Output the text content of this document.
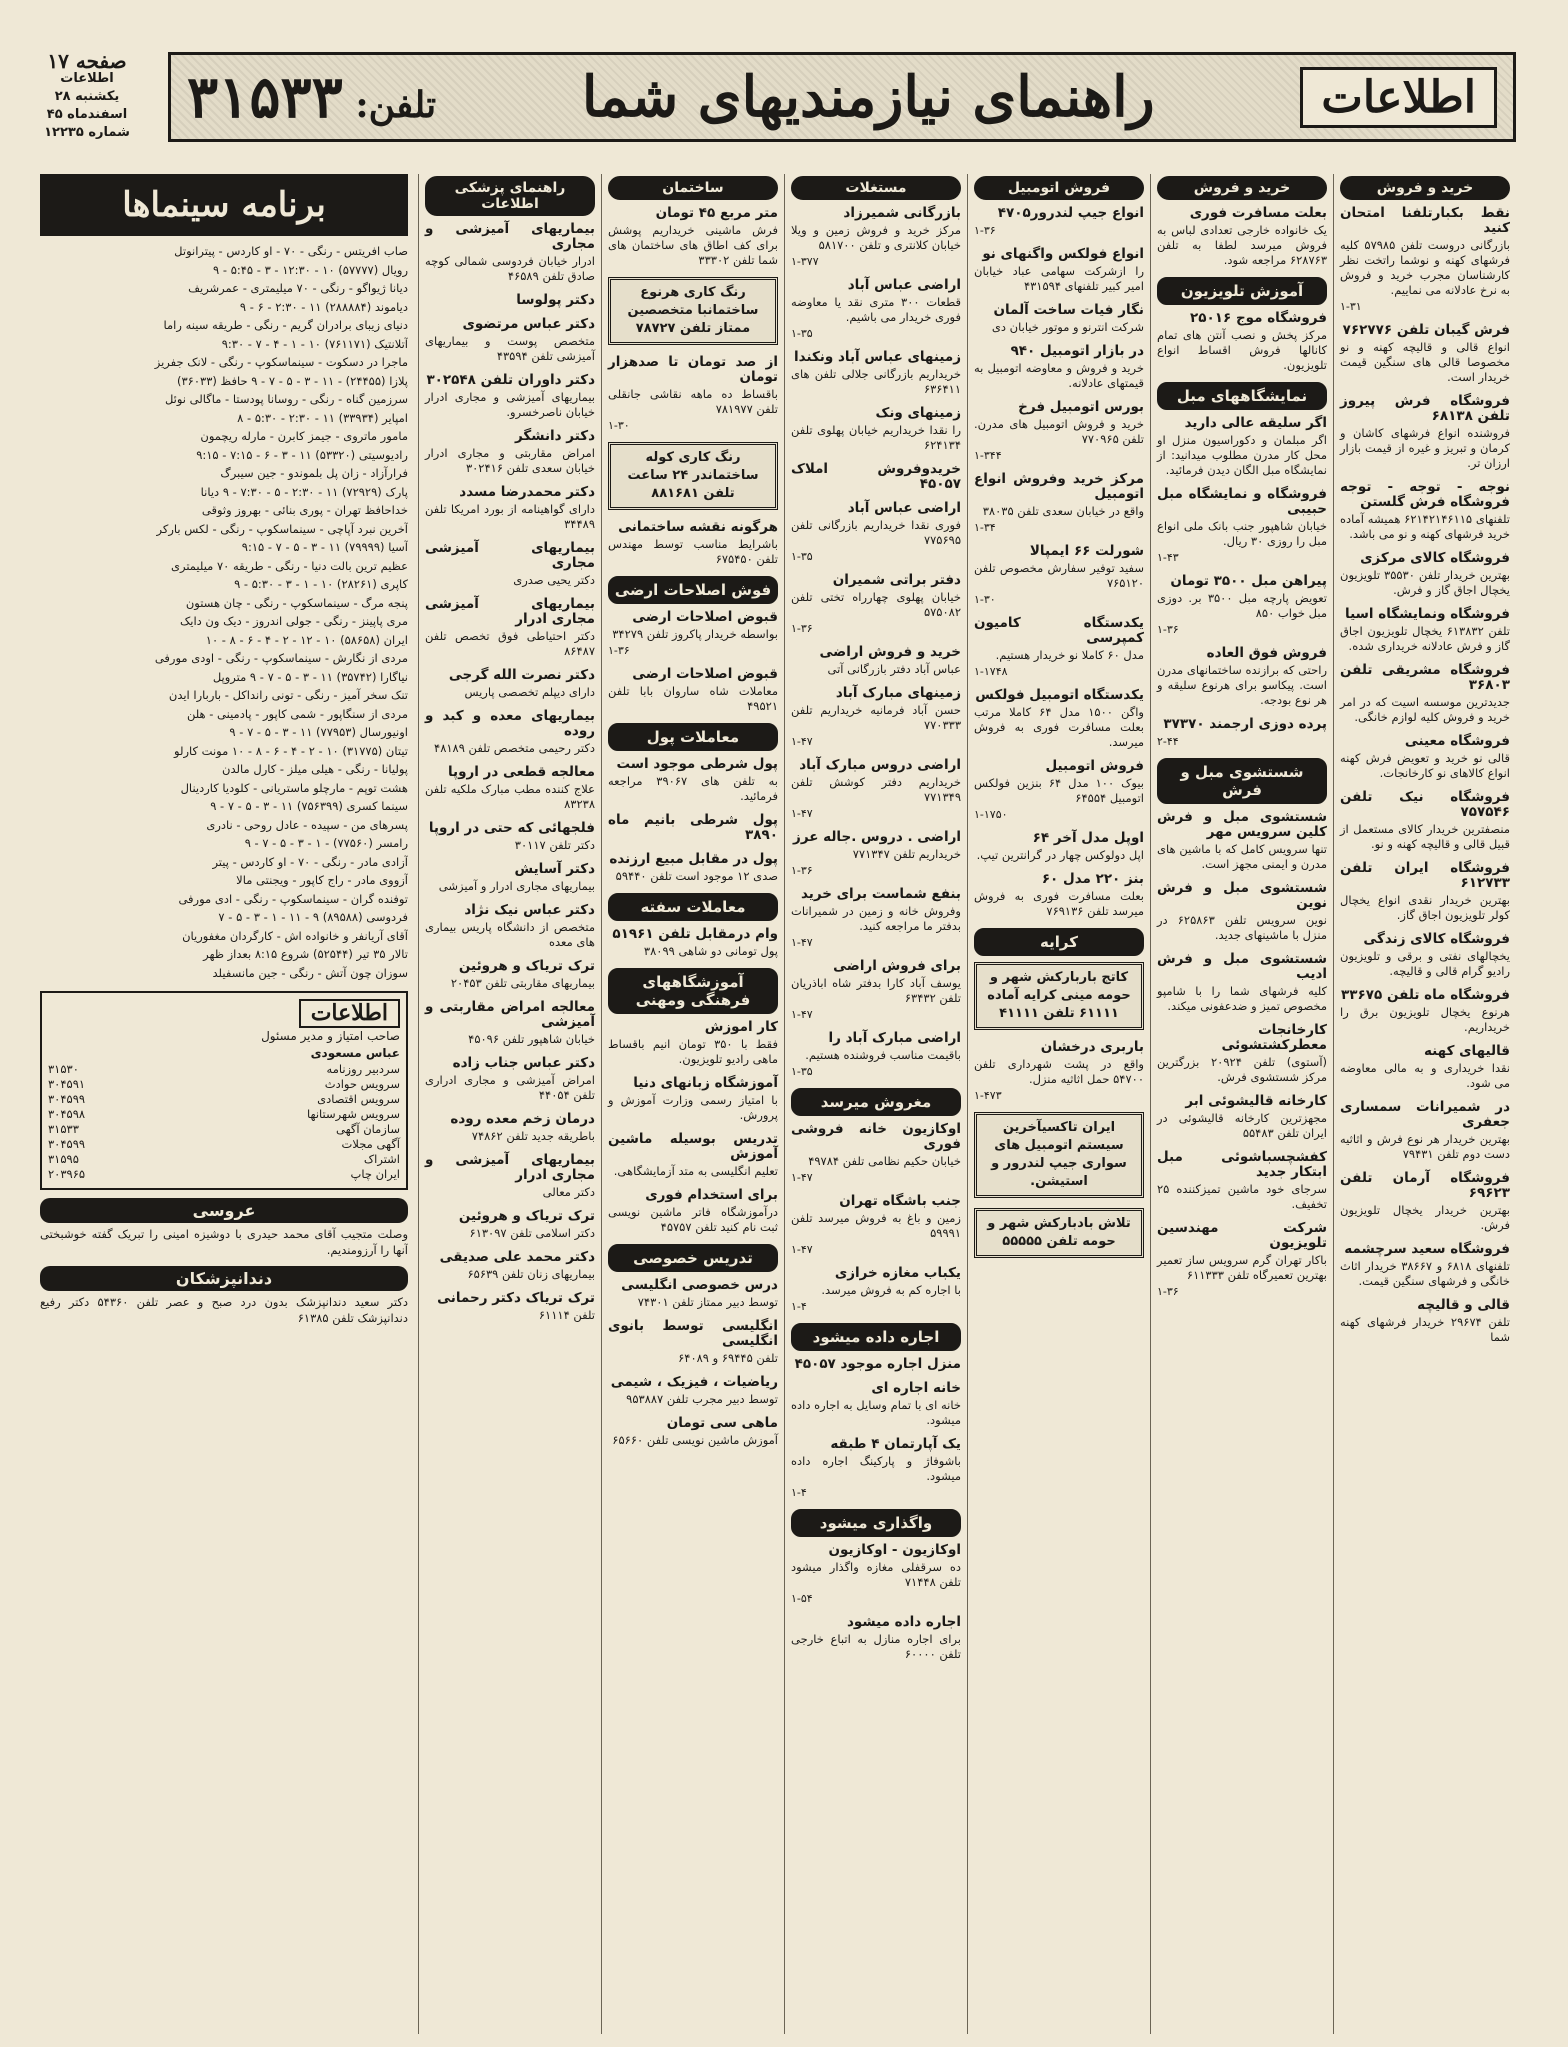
صفحه ۱۷
اطلاعات
یکشنبه ۲۸
اسفندماه ۴۵
شماره ۱۲۲۳۵
اطلاعات
راهنمای نیازمندیهای شما
تلفن: ۳۱۵۳۳
خرید و فروش
نقط بکبارتلفنا امتحان کنید
بازرگانی دروست تلفن ۵۷۹۸۵ کلیه فرشهای کهنه و نوشما راتخت نظر کارشناسان مجرب خرید و فروش به نرخ عادلانه می نماییم.
۱-۳۱
فرش گیبان تلفن ۷۶۲۷۷۶
انواع قالی و قالیچه کهنه و نو مخصوصا قالی های سنگین قیمت خریدار است.
فروشگاه فرش پیروز تلفن ۶۸۱۳۸
فروشنده انواع فرشهای کاشان و کرمان و تبریز و غیره از قیمت بازار ارزان تر.
نوجه - توجه - توجه فروشگاه فرش گلستن
تلفنهای ۶۲۱۴۲۱۴۶۱۱۵ همیشه آماده خرید فرشهای کهنه و نو می باشد.
فروشگاه کالای مرکزی
بهترین خریدار تلفن ۳۵۵۳۰ تلویزیون یخچال اجاق گاز و فرش.
فروشگاه ونمایشگاه اسیا
تلفن ۶۱۳۸۳۲ یخچال تلویزیون اجاق گاز و فرش عادلانه خریداری شده.
فروشگاه مشریقی تلفن ۳۶۸۰۳
جدیدترین موسسه اسیت که در امر خرید و فروش کلیه لوازم خانگی.
فروشگاه معینی
قالی نو خرید و تعویض فرش کهنه انواع کالاهای نو کارخانجات.
فروشگاه نیک تلفن ۷۵۷۵۴۶
منصفترین خریدار کالای مستعمل از قبیل قالی و قالیچه کهنه و نو.
فروشگاه ایران تلفن ۶۱۲۷۳۳
بهترین خریدار نقدی انواع یخچال کولر تلویزیون اجاق گاز.
فروشگاه کالای زندگی
یخچالهای نفتی و برقی و تلویزیون رادیو گرام قالی و قالیچه.
فروشگاه ماه تلفن ۳۳۶۷۵
هرنوع یخچال تلویزیون برق را خریداریم.
قالیهای کهنه
نقدا خریداری و به مالی معاوضه می شود.
در شمیرانات سمساری جعفری
بهترین خریدار هر نوع فرش و اثاثیه دست دوم تلفن ۷۹۴۳۱
فروشگاه آرمان تلفن ۶۹۶۲۳
بهترین خریدار یخچال تلویزیون فرش.
فروشگاه سعید سرچشمه
تلفنهای ۶۸۱۸ و ۳۸۶۶۷ خریدار اثاث خانگی و فرشهای سنگین قیمت.
قالی و قالیچه
تلفن ۲۹۶۷۴ خریدار فرشهای کهنه شما
خرید و فروش
بعلت مسافرت فوری
یک خانواده خارجی تعدادی لباس به فروش میرسد لطفا به تلفن ۶۲۸۷۶۳ مراجعه شود.
آموزش تلویزیون
فروشگاه موج ۲۵۰۱۶
مرکز پخش و نصب آنتن های تمام کانالها فروش اقساط انواع تلویزیون.
نمایشگاههای مبل
اگر سلیقه عالی دارید
اگر مبلمان و دکوراسیون منزل او محل کار مدرن مطلوب میدانید: از نمایشگاه مبل الگان دیدن فرمائید.
فروشگاه و نمایشگاه مبل حبیبی
خیابان شاهپور جنب بانک ملی انواع مبل را روزی ۳۰ ریال.
۱-۴۳
پیراهن مبل ۳۵۰۰ تومان
تعویض پارچه مبل ۳۵۰۰ بر. دوزی مبل خواب ۸۵۰
۱-۳۶
فروش فوق العاده
راحتی که برازنده ساختمانهای مدرن است. پیکاسو برای هرنوع سلیقه و هر نوع بودجه.
پرده دوزی ارجمند ۳۷۳۷۰
۲-۴۴
شستشوی مبل و فرش
شستشوی مبل و فرش کلین سرویس مهر
تنها سرویس کامل که با ماشین های مدرن و ایمنی مجهز است.
شستشوی مبل و فرش نوین
نوین سرویس تلفن ۶۲۵۸۶۳ در منزل با ماشینهای جدید.
شستشوی مبل و فرش ادیب
کلیه فرشهای شما را با شامپو مخصوص تمیز و ضدعفونی میکند.
کارخانجات معطرکشتشوئی
(آستوی) تلفن ۲۰۹۲۴ بزرگترین مرکز شستشوی فرش.
کارخانه قالیشوئی ابر
مجهزترین کارخانه قالیشوئی در ایران تلفن ۵۵۴۸۳
کفشچسباشوئی مبل ابتکار جدید
سرجای خود ماشین تمیزکننده ۲۵ تخفیف.
شرکت مهندسین تلویزیون
باکار تهران گرم سرویس ساز تعمیر بهترین تعمیرگاه تلفن ۶۱۱۳۳۳
۱-۳۶
فروش اتومبیل
انواع جیپ لندرور۴۷۰۵
۱-۳۶
انواع فولکس واگنهای نو
را ازشرکت سهامی عباد خیابان امیر کبیر تلفنهای ۴۳۱۵۹۴
نگار فیات ساخت آلمان
شرکت انترنو و موتور خیابان دی
در بازار اتومبیل ۹۴۰
خرید و فروش و معاوضه اتومبیل به قیمتهای عادلانه.
بورس اتومبیل فرخ
خرید و فروش اتومبیل های مدرن. تلفن ۷۷۰۹۶۵
۱-۳۴۴
مرکز خرید وفروش انواع اتومبیل
واقع در خیابان سعدی تلفن ۳۸۰۳۵
۱-۳۴
شورلت ۶۶ ایمپالا
سفید توفیر سفارش مخصوص تلفن ۷۶۵۱۲۰
۱-۳۰
یکدستگاه کامیون کمپرسی
مدل ۶۰ کاملا نو خریدار هستیم.
۱-۱۷۴۸
یکدستگاه اتومبیل فولکس
واگن ۱۵۰۰ مدل ۶۴ کاملا مرتب بعلت مسافرت فوری به فروش میرسد.
فروش اتومبیل
بیوک ۱۰۰ مدل ۶۴ بنزین فولکس اتومبیل ۶۴۵۵۴
۱-۱۷۵۰
اوپل مدل آخر ۶۴
اپل دولوکس چهار در گرانترین تیپ.
بنز ۲۲۰ مدل ۶۰
بعلت مسافرت فوری به فروش میرسد تلفن ۷۶۹۱۳۶
کرایه
کاتج باربارکش شهر و حومه مینی کرایه آماده ۶۱۱۱۱ تلفن ۴۱۱۱۱
باربری درخشان
واقع در پشت شهرداری تلفن ۵۴۷۰۰ حمل اثاثیه منزل.
۱-۴۷۳
ایران تاکسیآخرین سیستم اتومبیل های سواری جیپ لندرور و استیشن.
تلاش بادبارکش شهر و حومه تلفن ۵۵۵۵۵
مستغلات
بازرگانی شمیرزاد
مرکز خرید و فروش زمین و ویلا خیابان کلانتری و تلفن ۵۸۱۷۰۰
۱-۳۷۷
اراضی عباس آباد
قطعات ۳۰۰ متری نقد یا معاوضه فوری خریدار می باشیم.
۱-۳۵
زمینهای عباس آباد ونکندا
خریداریم بازرگانی جلالی تلفن های ۶۳۶۴۱۱
زمینهای ونک
را نقدا خریداریم خیابان پهلوی تلفن ۶۲۴۱۳۴
خریدوفروش املاک ۴۵۰۵۷
اراضی عباس آباد
فوری نقدا خریداریم بازرگانی تلفن ۷۷۵۶۹۵
۱-۳۵
دفتر براتی شمیران
خیابان پهلوی چهارراه تختی تلفن ۵۷۵۰۸۲
۱-۳۶
خرید و فروش اراضی
عباس آباد دفتر بازرگانی آتی
زمینهای مبارک آباد
حسن آباد فرمانیه خریداریم تلفن ۷۷۰۳۳۳
۱-۴۷
اراضی دروس مبارک آباد
خریداریم دفتر کوشش تلفن ۷۷۱۳۴۹
۱-۴۷
اراضی . دروس .جاله عرز
خریداریم تلفن ۷۷۱۳۴۷
۱-۳۶
بنفع شماست برای خرید
وفروش خانه و زمین در شمیرانات بدفتر ما مراجعه کنید.
۱-۴۷
برای فروش اراضی
یوسف آباد کارا بدفتر شاه اباذریان تلفن ۶۳۴۳۲
۱-۴۷
اراضی مبارک آباد را
باقیمت مناسب فروشنده هستیم.
۱-۳۵
مغروش میرسد
اوکازیون خانه فروشی فوری
خیابان حکیم نظامی تلفن ۴۹۷۸۴
۱-۴۷
جنب باشگاه تهران
زمین و باغ به فروش میرسد تلفن ۵۹۹۹۱
۱-۴۷
یکباب مغازه خرازی
با اجاره کم به فروش میرسد.
۱-۴
اجاره داده میشود
منزل اجاره موجود ۴۵۰۵۷
خانه اجاره ای
خانه ای با تمام وسایل به اجاره داده میشود.
یک آپارتمان ۴ طبقه
باشوفاژ و پارکینگ اجاره داده میشود.
۱-۴
واگذاری میشود
اوکازیون - اوکازیون
ده سرقفلی مغازه واگذار میشود تلفن ۷۱۴۴۸
۱-۵۴
اجاره داده میشود
برای اجاره منازل به اتباع خارجی تلفن ۶۰۰۰۰
ساختمان
متر مربع ۴۵ تومان
فرش ماشینی خریداریم پوشش برای کف اطاق های ساختمان های شما تلفن ۳۳۳۰۲
رنگ کاری هرنوع ساختمانبا متخصصین ممتاز تلفن ۷۸۷۲۷
از صد تومان تا صدهزار تومان
باقساط ده ماهه نقاشی جانقلی تلفن ۷۸۱۹۷۷
۱-۳۰
رنگ کاری کوله ساختماندر ۲۴ ساعت تلفن ۸۸۱۶۸۱
هرگونه نقشه ساختمانی
باشرایط مناسب توسط مهندس تلفن ۶۷۵۴۵۰
فوش اصلاحات ارضی
قبوض اصلاحات ارضی
بواسطه خریدار پاکروز تلفن ۳۴۲۷۹
۱-۳۶
قبوض اصلاحات ارضی
معاملات شاه ساروان بابا تلفن ۴۹۵۲۱
معاملات پول
پول شرطی موجود است
به تلفن های ۳۹۰۶۷ مراجعه فرمائید.
پول شرطی بانیم ماه ۳۸۹۰
پول در مقابل مبیع ارزنده
صدی ۱۲ موجود است تلفن ۵۹۴۴۰
معاملات سفته
وام درمقابل تلفن ۵۱۹۶۱
پول تومانی دو شاهی ۳۸۰۹۹
آموزشگاههای فرهنگی ومهنی
کار اموزش
فقط با ۳۵۰ تومان انیم باقساط ماهی رادیو تلویزیون.
آموزشگاه زبانهای دنیا
با امتیاز رسمی وزارت آموزش و پرورش.
تدریس بوسیله ماشین آموزش
تعلیم انگلیسی به متد آزمایشگاهی.
برای استخدام فوری
درآموزشگاه فاتر ماشین نویسی ثبت نام کنید تلفن ۴۵۷۵۷
تدریس خصوصی
درس خصوصی انگلیسی
توسط دبیر ممتاز تلفن ۷۴۳۰۱
انگلیسی توسط بانوی انگلیسی
تلفن ۶۹۴۴۵ و ۶۴۰۸۹
ریاضیات ، فیزیک ، شیمی
توسط دبیر مجرب تلفن ۹۵۳۸۸۷
ماهی سی تومان
آموزش ماشین نویسی تلفن ۶۵۶۶۰
راهنمای پزشکی اطلاعات
بیماریهای آمیزشی و مجاری
ادرار خیابان فردوسی شمالی کوچه صادق تلفن ۴۶۵۸۹
دکتر پولوسا
دکتر عباس مرتضوی
متخصص پوست و بیماریهای آمیزشی تلفن ۴۳۵۹۴
دکتر داوران تلفن ۳۰۲۵۴۸
بیماریهای آمیزشی و مجاری ادرار خیابان ناصرخسرو.
دکتر دانشگر
امراض مقاربتی و مجاری ادرار خیابان سعدی تلفن ۳۰۲۴۱۶
دکتر محمدرضا مسدد
دارای گواهینامه از بورد امریکا تلفن ۳۴۴۸۹
بیماریهای آمیزشی مجاری
دکتر یحیی صدری
بیماریهای آمیزشی مجاری ادرار
دکتر احتیاطی فوق تخصص تلفن ۸۶۴۸۷
دکتر نصرت الله گرجی
دارای دیپلم تخصصی پاریس
بیماریهای معده و کبد و روده
دکتر رحیمی متخصص تلفن ۴۸۱۸۹
معالجه قطعی در اروپا
علاج کننده مطب مبارک ملکیه تلفن ۸۳۲۳۸
فلجهائی که حتی در اروپا
دکتر تلفن ۳۰۱۱۷
دکتر آسایش
بیماریهای مجاری ادرار و آمیزشی
دکتر عباس نیک نژاد
متخصص از دانشگاه پاریس بیماری های معده
ترک تریاک و هروئین
بیماریهای مقاربتی تلفن ۲۰۴۵۳
معالجه امراض مقاربتی و آمیزشی
خیابان شاهپور تلفن ۴۵۰۹۶
دکتر عباس جناب زاده
امراض آمیزشی و مجاری ادراری تلفن ۴۴۰۵۴
درمان زخم معده روده
باطریقه جدید تلفن ۷۴۸۶۲
بیماریهای آمیزشی و مجاری ادرار
دکتر معالی
ترک تریاک و هروئین
دکتر اسلامی تلفن ۶۱۳۰۹۷
دکتر محمد علی صدیقی
بیماریهای زنان تلفن ۶۵۶۳۹
ترک تریاک دکتر رحمانی
تلفن ۶۱۱۱۴
برنامه سینماها
صاب افریتس - رنگی - ۷۰ - او کاردس - پیترانوتل
رویال (۵۷۷۷۷) ۱۰ - ۱۲:۳۰ - ۳ - ۵:۴۵ - ۹
دیانا ژیواگو - رنگی - ۷۰ میلیمتری - عمرشریف
دیاموند (۲۸۸۸۸۴) ۱۱ - ۲:۳۰ - ۶ - ۹
دنیای زیبای برادران گریم - رنگی - طریقه سینه راما
آتلانتیک (۷۶۱۱۷۱) ۱۰ - ۱ - ۴ - ۷ - ۹:۳۰
ماجرا در دسکوت - سینماسکوپ - رنگی - لانک جفریز
پلازا (۲۴۴۵۵) - ۱۱ - ۳ - ۵ - ۷ - ۹ حافظ (۳۶۰۳۳)
سرزمین گناه - رنگی - روسانا پودستا - ماگالی نوئل
امپایر (۳۳۹۳۴) ۱۱ - ۲:۳۰ - ۵:۳۰ - ۸
مامور ماتروی - جیمز کابرن - مارله ریچمون
رادیوسیتی (۵۳۳۲۰) ۱۱ - ۳ - ۶ - ۷:۱۵ - ۹:۱۵
فرارآزاد - زان پل بلموندو - جین سیبرگ
پارک (۷۲۹۲۹) ۱۱ - ۲:۳۰ - ۵ - ۷:۳۰ - ۹ دیانا
خداحافظ تهران - پوری بنائی - بهروز وثوقی
آخرین نبرد آپاچی - سینماسکوپ - رنگی - لکس بارکر
آسیا (۷۹۹۹۹) ۱۱ - ۳ - ۵ - ۷ - ۹:۱۵
عظیم ترین بالت دنیا - رنگی - طریقه ۷۰ میلیمتری
کاپری (۲۸۲۶۱) ۱۰ - ۱ - ۳ - ۵:۳۰ - ۹
پنجه مرگ - سینماسکوپ - رنگی - چان هستون
مری پاپینز - رنگی - جولی اندروز - دیک ون دایک
ایران (۵۸۶۵۸) ۱۰ - ۱۲ - ۲ - ۴ - ۶ - ۸ - ۱۰
مردی از نگارش - سینماسکوپ - رنگی - اودی مورفی
نیاگارا (۳۵۷۴۲) ۱۱ - ۳ - ۵ - ۷ - ۹ متروپل
تنک سخر آمیز - رنگی - تونی رانداکل - باربارا ایدن
مردی از سنگاپور - شمی کاپور - پادمینی - هلن
اونیورسال (۷۷۹۵۳) ۱۱ - ۳ - ۵ - ۷ - ۹
تیتان (۳۱۷۷۵) ۱۰ - ۲ - ۴ - ۶ - ۸ - ۱۰ مونت کارلو
پولیانا - رنگی - هیلی میلز - کارل مالدن
هشت توپم - مارچلو ماستریانی - کلودیا کاردینال
سینما کسری (۷۵۶۳۹۹) ۱۱ - ۳ - ۵ - ۷ - ۹
پسرهای من - سپیده - عادل روحی - نادری
رامسر (۷۷۵۶۰) - ۱ - ۳ - ۵ - ۷ - ۹
آزادی مادر - رنگی - ۷۰ - او کاردس - پیتر
آزووی مادر - راج کاپور - ویجنتی مالا
توفنده گران - سینماسکوپ - رنگی - ادی مورفی
فردوسی (۸۹۵۸۸) ۹ - ۱۱ - ۱ - ۳ - ۵ - ۷
آقای آریانفر و خانواده اش - کارگردان مغفوریان
تالار ۳۵ تیر (۵۲۵۴۴) شروع ۸:۱۵ بعداز ظهر
سوزان چون آتش - رنگی - جین مانسفیلد
اطلاعات
صاحب امتیاز و مدیر مسئول
عباس مسعودی
سردبیر روزنامه
۳۱۵۳۰
سرویس حوادث
۳۰۴۵۹۱
سرویس اقتصادی
۳۰۴۵۹۹
سرویس شهرستانها
۳۰۴۵۹۸
سازمان آگهی
۳۱۵۳۳
آگهی مجلات
۳۰۴۵۹۹
اشتراک
۳۱۵۹۵
ایران چاپ
۲۰۳۹۶۵
عروسی
وصلت متجیب آقای محمد حیدری با دوشیزه امینی را تبریک گفته خوشبختی آنها را آرزومندیم.
دندانپزشکان
دکتر سعید دندانپزشک بدون درد صبح و عصر تلفن ۵۴۳۶۰ دکتر رفیع دندانپزشک تلفن ۶۱۳۸۵
